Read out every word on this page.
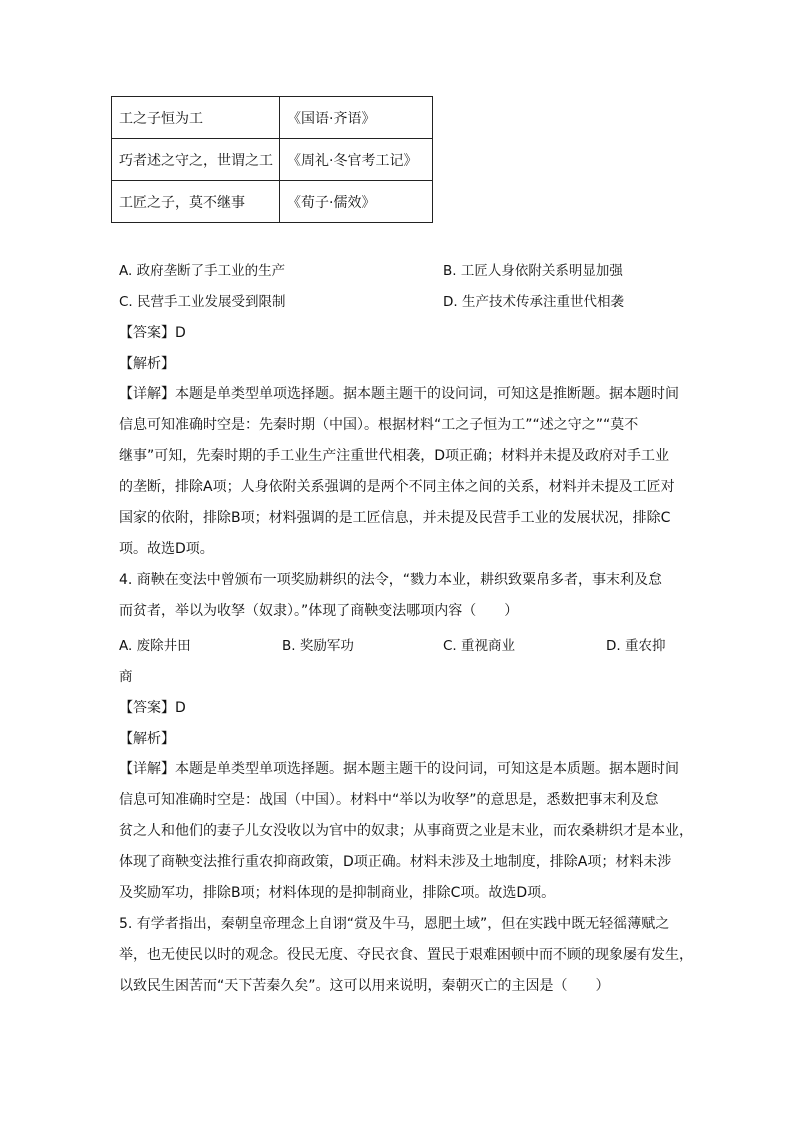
工之子恒为工	《国语·齐语》
巧者述之守之，世谓之工	《周礼·冬官考工记》
工匠之子，莫不继事	《荀子·儒效》
A. 政府垄断了手工业的生产	B. 工匠人身依附关系明显加强
C. 民营手工业发展受到限制	D. 生产技术传承注重世代相袭
【答案】D
【解析】
【详解】本题是单类型单项选择题。据本题主题干的设问词，可知这是推断题。据本题时间
信息可知准确时空是：先秦时期（中国）。根据材料“工之子恒为工”“述之守之”“莫不
继事”可知，先秦时期的手工业生产注重世代相袭，D项正确；材料并未提及政府对手工业
的垄断，排除A项；人身依附关系强调的是两个不同主体之间的关系，材料并未提及工匠对
国家的依附，排除B项；材料强调的是工匠信息，并未提及民营手工业的发展状况，排除C
项。故选D项。
4. 商鞅在变法中曾颁布一项奖励耕织的法令，“戮力本业，耕织致粟帛多者，事末利及怠
而贫者，举以为收孥（奴隶）。”体现了商鞅变法哪项内容（　　）
A. 废除井田	B. 奖励军功	C. 重视商业	D. 重农抑
商
【答案】D
【解析】
【详解】本题是单类型单项选择题。据本题主题干的设问词，可知这是本质题。据本题时间
信息可知准确时空是：战国（中国）。材料中“举以为收孥”的意思是，悉数把事末利及怠
贫之人和他们的妻子儿女没收以为官中的奴隶；从事商贾之业是末业，而农桑耕织才是本业，
体现了商鞅变法推行重农抑商政策，D项正确。材料未涉及土地制度，排除A项；材料未涉
及奖励军功，排除B项；材料体现的是抑制商业，排除C项。故选D项。
5. 有学者指出，秦朝皇帝理念上自诩“赏及牛马，恩肥土域”，但在实践中既无轻徭薄赋之
举，也无使民以时的观念。役民无度、夺民衣食、置民于艰难困顿中而不顾的现象屡有发生，
以致民生困苦而“天下苦秦久矣”。这可以用来说明，秦朝灭亡的主因是（　　）
